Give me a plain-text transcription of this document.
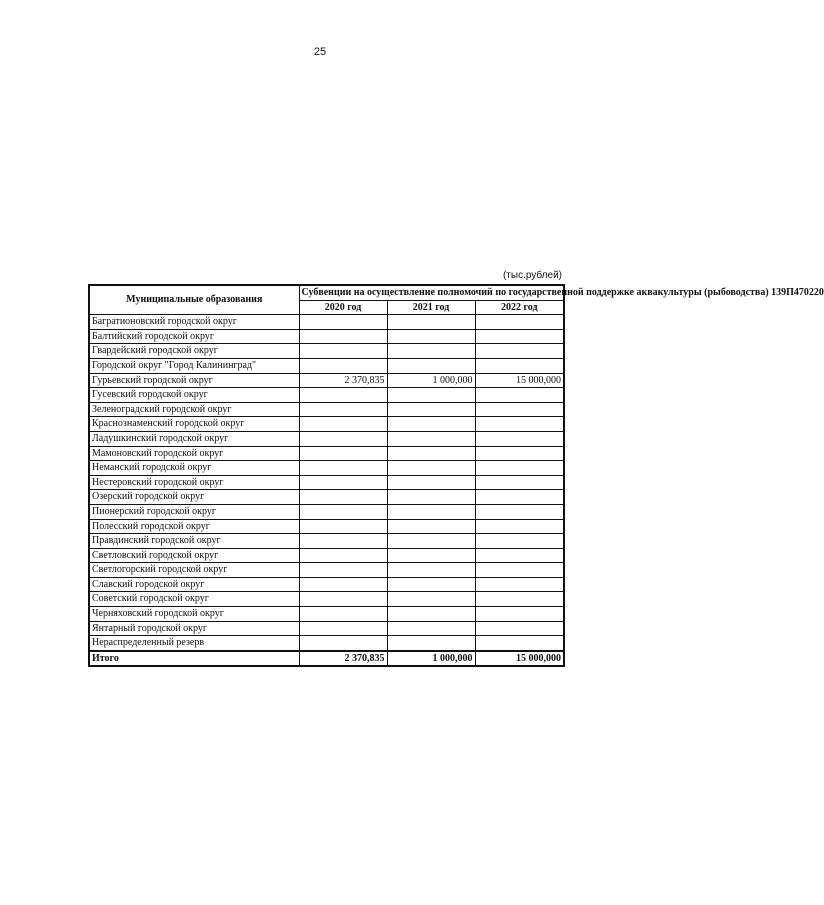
25
(тыс.рублей)
Муниципальные образования	Субвенции на осуществление полномочий по государственной поддержке аквакультуры (рыбоводства) 139П470220		
	2020 год	2021 год	2022 год
Багратионовский городской округ			
Балтийский городской округ			
Гвардейский городской округ			
Городской округ "Город Калининград"			
Гурьевский городской округ	2 370,835	1 000,000	15 000,000
Гусевский городской округ			
Зеленоградский городской округ			
Краснознаменский городской округ			
Ладушкинский городской округ			
Мамоновский городской округ			
Неманский городской округ			
Нестеровский городской округ			
Озерский городской округ			
Пионерский городской округ			
Полесский городской округ			
Правдинский городской округ			
Светловский городской округ			
Светлогорский городской округ			
Славский городской округ			
Советский городской округ			
Черняховский городской округ			
Янтарный городской округ			
Нераспределенный резерв			
Итого	2 370,835	1 000,000	15 000,000
